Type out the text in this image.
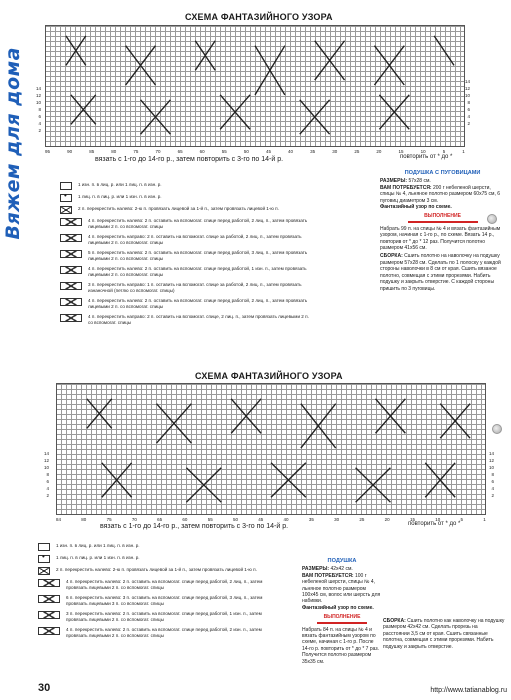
Вяжем для дома
СХЕМА ФАНТАЗИЙНОГО УЗОРА
14
12
10
8
6
4
2
14
12
10
8
6
4
2
95	90	85	80	75	70	65	60	55	50	45	40	35	30	25	20	15	10	5	1
вязать с 1-го до 14-го р., затем повторить с 3-го по 14-й р.	повторить от * до *
1 изн. п. в лиц. р. или 1 лиц. п. в изн. р.
•
1 лиц. п. в лиц. р. или 1 изн. п. в изн. р.
2 п. перекрестить налево: 2-ю п. провязать лицевой за 1-й п., затем провязать лицевой 1-ю п.
4 п. перекрестить налево: 2 п. оставить на вспомогат. спице перед работой, 2 лиц. п., затем провязать лицевыми 2 п. со вспомогат. спицы
4 п. перекрестить направо: 2 п. оставить на вспомогат. спице за работой, 2 лиц. п., затем провязать лицевыми 2 п. со вспомогат. спицы
5 п. перекрестить налево: 2 п. оставить на вспомогат. спице перед работой, 3 лиц. п., затем провязать лицевыми 2 п. со вспомогат. спицы
4 п. перекрестить налево: 2 п. оставить на вспомогат. спице перед работой, 1 изн. п., затем провязать лицевыми 2 п. со вспомогат. спицы
3 п. перекрестить направо: 1 п. оставить на вспомогат. спице за работой, 2 лиц. п., затем провязать изнаночной (петлю со вспомогат. спицы)
4 п. перекрестить налево: 2 п. оставить на вспомогат. спице перед работой, 2 лиц. п., затем провязать лицевыми 2 п. со вспомогат. спицы
4 п. перекрестить направо: 2 п. оставить на вспомогат. спице, 2 лиц. п., затем провязать лицевыми 2 п. со вспомогат. спицы
ПОДУШКА С ПУГОВИЦАМИ
РАЗМЕРЫ: 57x28 см.
ВАМ ПОТРЕБУЕТСЯ: 200 г небеленой шерсти, спицы № 4, льняное полотно размером 60x75 см, 6 пуговиц диаметром 3 см.
Фантазийный узор по схеме.
ВЫПОЛНЕНИЕ
Набрать 99 п. на спицы № 4 и вязать фантазийным узором, начиная с 1-го р., по схеме. Вязать 14 р., повторив от * до * 12 раз. Получится полотно размером 41x56 см.
СБОРКА: Сшить полотно на наволочку на подушку размером 57x28 см. Сделать по 1 полоску у каждой стороны наволочки в 8 см от края. Сшить вязаное полотно, совмещая с этими прорезями. Набить подушку и закрыть отверстие. С каждой стороны пришить по 3 пуговицы.
СХЕМА ФАНТАЗИЙНОГО УЗОРА
14
12
10
8
6
4
2
14
12
10
8
6
4
2
84	80	75	70	65	60	55	50	45	40	35	30	25	20	15	10	5	1
вязать с 1-го до 14-го р., затем повторить с 3-го по 14-й р.	повторить от * до *
1 изн. п. в лиц. р. или 1 лиц. п. в изн. р.
•
1 лиц. п. в лиц. р. или 1 изн. п. в изн. р.
2 п. перекрестить налево: 2-ю п. провязать лицевой за 1-й п., затем провязать лицевой 1-ю п.
4 п. перекрестить налево: 2 п. оставить на вспомогат. спице перед работой, 2 лиц. п., затем провязать лицевыми 2 п. со вспомогат. спицы
6 п. перекрестить налево: 3 п. оставить на вспомогат. спице перед работой, 3 лиц. п., затем провязать лицевыми 3 п. со вспомогат. спицы
3 п. перекрестить налево: 2 п. оставить на вспомогат. спице перед работой, 1 изн. п., затем провязать лицевыми 2 п. со вспомогат. спицы
4 п. перекрестить налево: 2 п. оставить на вспомогат. спице перед работой, 2 изн. п., затем провязать лицевыми 2 п. со вспомогат. спицы
ПОДУШКА
РАЗМЕРЫ: 42x42 см.
ВАМ ПОТРЕБУЕТСЯ: 100 г небеленой шерсти, спицы № 4, льняное полотно размером 100x45 см, волос или шерсть для набивки.
Фантазийный узор по схеме.
ВЫПОЛНЕНИЕ
Набрать 84 п. на спицы № 4 и вязать фантазийным узором по схеме, начиная с 1-го р. После 14-го р. повторить от * до * 7 раз. Получится полотно размером 35x35 см.
СБОРКА: Сшить полотно как наволочку на подушку размером 42x42 см. Сделать прорезь на расстоянии 3,5 см от края. Сшить связанные полотна, совмещая с этими прорезями. Набить подушку и закрыть отверстие.
30	http://www.tatianablog.ru
